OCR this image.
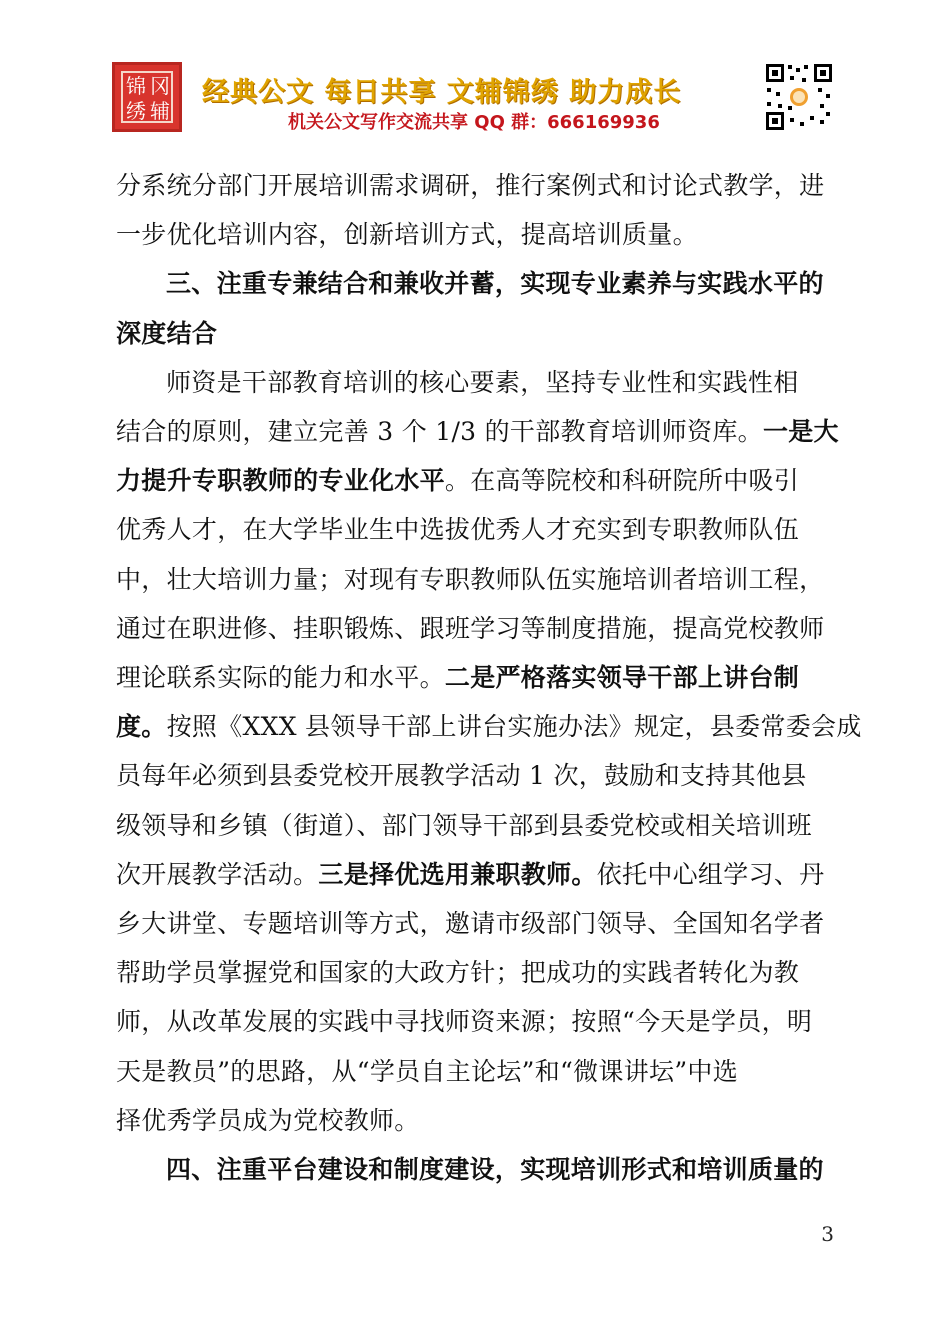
锦 冈
绣 辅
经典公文 每日共享 文辅锦绣 助力成长
机关公文写作交流共享 QQ 群：666169936
分系统分部门开展培训需求调研，推行案例式和讨论式教学，进
一步优化培训内容，创新培训方式，提高培训质量。
三、注重专兼结合和兼收并蓄，实现专业素养与实践水平的
深度结合
师资是干部教育培训的核心要素，坚持专业性和实践性相
结合的原则，建立完善 3 个 1/3 的干部教育培训师资库。一是大
力提升专职教师的专业化水平。在高等院校和科研院所中吸引
优秀人才，在大学毕业生中选拔优秀人才充实到专职教师队伍
中，壮大培训力量；对现有专职教师队伍实施培训者培训工程，
通过在职进修、挂职锻炼、跟班学习等制度措施，提高党校教师
理论联系实际的能力和水平。二是严格落实领导干部上讲台制
度。按照《XXX 县领导干部上讲台实施办法》规定，县委常委会成
员每年必须到县委党校开展教学活动 1 次，鼓励和支持其他县
级领导和乡镇（街道）、部门领导干部到县委党校或相关培训班
次开展教学活动。三是择优选用兼职教师。依托中心组学习、丹
乡大讲堂、专题培训等方式，邀请市级部门领导、全国知名学者
帮助学员掌握党和国家的大政方针；把成功的实践者转化为教
师，从改革发展的实践中寻找师资来源；按照“今天是学员，明
天是教员”的思路，从“学员自主论坛”和“微课讲坛”中选
择优秀学员成为党校教师。
四、注重平台建设和制度建设，实现培训形式和培训质量的
3
